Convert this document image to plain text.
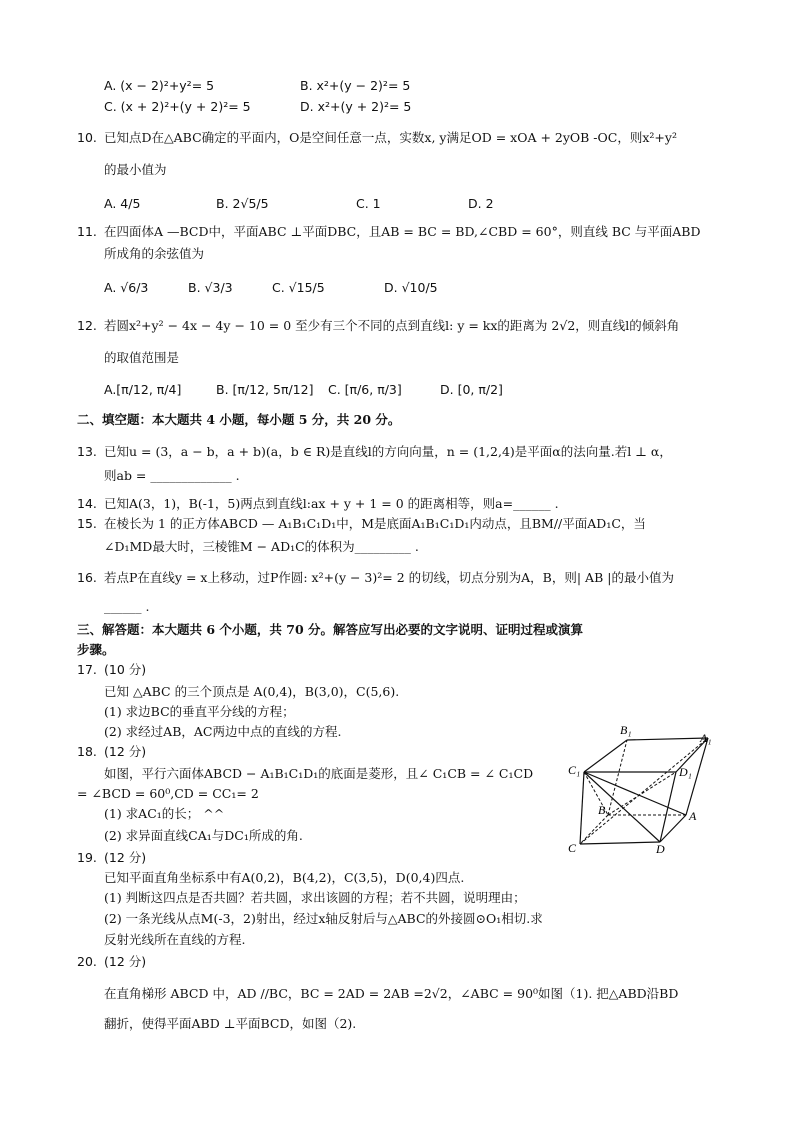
A. (x − 2)²+y²= 5	B. x²+(y − 2)²= 5
C. (x + 2)²+(y + 2)²= 5	D. x²+(y + 2)²= 5
10. 已知点D在△ABC确定的平面内，O是空间任意一点，实数x, y满足OD = xOA + 2yOB -OC，则x²+y²
的最小值为
A. 4/5	B. 2√5/5	C. 1	D. 2
11. 在四面体A —BCD中，平面ABC ⊥平面DBC，且AB = BC = BD,∠CBD = 60°，则直线 BC 与平面ABD
所成角的余弦值为
A. √6/3	B. √3/3	C. √15/5	D. √10/5
12. 若圆x²+y² − 4x − 4y − 10 = 0 至少有三个不同的点到直线l: y = kx的距离为 2√2，则直线l的倾斜角
的取值范围是
A.[π/12, π/4]	B. [π/12, 5π/12] C. [π/6, π/3]	D. [0, π/2]
二、填空题：本大题共 4 小题，每小题 5 分，共 20 分。
13. 已知u = (3，a − b，a + b)(a，b ∈ R)是直线l的方向向量，n = (1,2,4)是平面α的法向量.若l ⊥ α，
则ab = _____________ .
14. 已知A(3，1)，B(-1，5)两点到直线l:ax + y + 1 = 0 的距离相等，则a=______ .
15. 在棱长为 1 的正方体ABCD — A₁B₁C₁D₁中，M是底面A₁B₁C₁D₁内动点，且BM//平面AD₁C，当
∠D₁MD最大时，三棱锥M − AD₁C的体积为_________ .
16. 若点P在直线y = x上移动，过P作圆: x²+(y − 3)²= 2 的切线，切点分别为A，B，则| AB |的最小值为
______ .
三、解答题：本大题共 6 个小题，共 70 分。解答应写出必要的文字说明、证明过程或演算
步骤。
17. (10 分)
已知 △ABC 的三个顶点是 A(0,4)，B(3,0)，C(5,6).
(1) 求边BC的垂直平分线的方程；
(2) 求经过AB，AC两边中点的直线的方程.
18. (12 分)
如图，平行六面体ABCD − A₁B₁C₁D₁的底面是菱形，且∠ C₁CB = ∠ C₁CD
= ∠BCD = 60⁰,CD = CC₁= 2
(1) 求AC₁的长； ^^
(2) 求异面直线CA₁与DC₁所成的角.
B₁
A₁
C₁	D₁
B	A
C	D
19. (12 分)
已知平面直角坐标系中有A(0,2)，B(4,2)，C(3,5)，D(0,4)四点.
(1) 判断这四点是否共圆？若共圆，求出该圆的方程；若不共圆，说明理由；
(2) 一条光线从点M(-3，2)射出，经过x轴反射后与△ABC的外接圆⊙O₁相切.求
反射光线所在直线的方程.
20. (12 分)
在直角梯形 ABCD 中，AD //BC，BC = 2AD = 2AB =2√2，∠ABC = 90⁰如图（1). 把△ABD沿BD
翻折，使得平面ABD ⊥平面BCD，如图（2).
